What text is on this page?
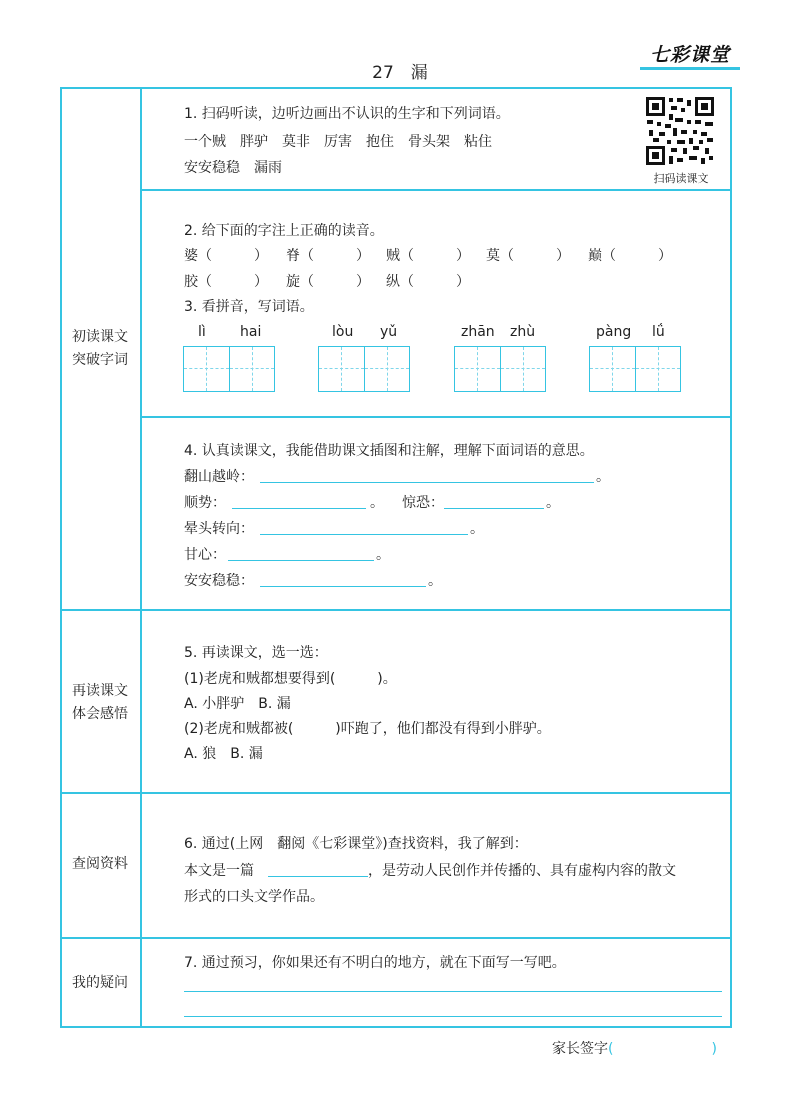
27　漏
七彩课堂
初读课文
突破字词
再读课文
体会感悟
查阅资料
我的疑问
1. 扫码听读，边听边画出不认识的生字和下列词语。
一个贼　胖驴　莫非　厉害　抱住　骨头架　粘住
安安稳稳　漏雨
扫码读课文
2. 给下面的字注上正确的读音。
婆（　　　） 脊（　　　） 贼（　　　） 莫（　　　） 巅（　　　）
胶（　　　） 旋（　　　） 纵（　　　）
3. 看拼音，写词语。
lì hai	lòu yǔ	zhān zhù	pàng lǘ
4. 认真读课文，我能借助课文插图和注解，理解下面词语的意思。
翻山越岭：	。
顺势：	。 惊恐：	。
晕头转向：	。
甘心：	。
安安稳稳：	。
5. 再读课文，选一选：
(1)老虎和贼都想要得到(　　　)。
A. 小胖驴　B. 漏
(2)老虎和贼都被(　　　)吓跑了，他们都没有得到小胖驴。
A. 狼　B. 漏
6. 通过(上网　翻阅《七彩课堂》)查找资料，我了解到：
本文是一篇	，是劳动人民创作并传播的、具有虚构内容的散文
形式的口头文学作品。
7. 通过预习，你如果还有不明白的地方，就在下面写一写吧。
家长签字(	)
